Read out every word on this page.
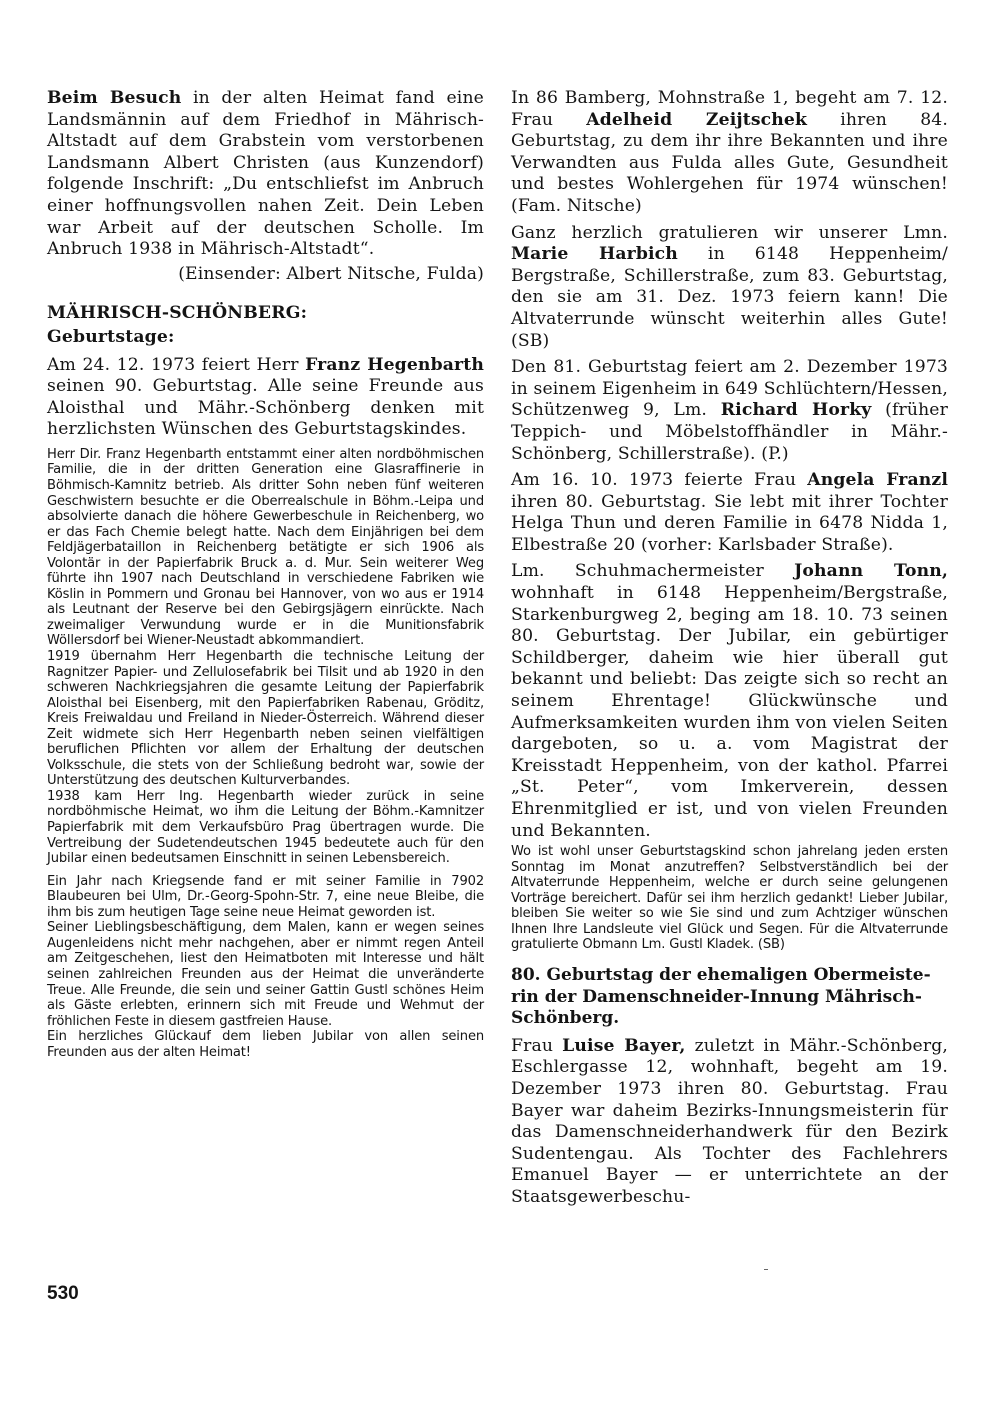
Beim Besuch in der alten Heimat fand eine Landsmännin auf dem Friedhof in Mährisch-Altstadt auf dem Grabstein vom verstorbenen Landsmann Albert Christen (aus Kunzendorf) folgende Inschrift: „Du entschliefst im Anbruch einer hoffnungsvollen nahen Zeit. Dein Leben war Arbeit auf der deutschen Scholle. Im Anbruch 1938 in Mährisch-Altstadt“.

(Einsender: Albert Nitsche, Fulda)

MÄHRISCH-SCHÖNBERG:
Geburtstage:

Am 24. 12. 1973 feiert Herr Franz Hegenbarth seinen 90. Geburtstag. Alle seine Freunde aus Aloisthal und Mähr.-Schönberg denken mit herzlichsten Wünschen des Geburtstagskindes.

Herr Dir. Franz Hegenbarth entstammt einer alten nordböhmischen Familie, die in der dritten Generation eine Glasraffinerie in Böhmisch-Kamnitz betrieb. Als dritter Sohn neben fünf weiteren Geschwistern besuchte er die Oberrealschule in Böhm.-Leipa und absolvierte danach die höhere Gewerbeschule in Reichenberg, wo er das Fach Chemie belegt hatte. Nach dem Einjährigen bei dem Feldjägerbataillon in Reichenberg betätigte er sich 1906 als Volontär in der Papierfabrik Bruck a. d. Mur. Sein weiterer Weg führte ihn 1907 nach Deutschland in verschiedene Fabriken wie Köslin in Pommern und Gronau bei Hannover, von wo aus er 1914 als Leutnant der Reserve bei den Gebirgsjägern einrückte. Nach zweimaliger Verwundung wurde er in die Munitionsfabrik Wöllersdorf bei Wiener-Neustadt abkommandiert.

1919 übernahm Herr Hegenbarth die technische Leitung der Ragnitzer Papier- und Zellulosefabrik bei Tilsit und ab 1920 in den schweren Nachkriegsjahren die gesamte Leitung der Papierfabrik Aloisthal bei Eisenberg, mit den Papierfabriken Rabenau, Gröditz, Kreis Freiwaldau und Freiland in Nieder-Österreich. Während dieser Zeit widmete sich Herr Hegenbarth neben seinen vielfältigen beruflichen Pflichten vor allem der Erhaltung der deutschen Volksschule, die stets von der Schließung bedroht war, sowie der Unterstützung des deutschen Kulturverbandes.

1938 kam Herr Ing. Hegenbarth wieder zurück in seine nordböhmische Heimat, wo ihm die Leitung der Böhm.-Kamnitzer Papierfabrik mit dem Verkaufsbüro Prag übertragen wurde. Die Vertreibung der Sudetendeutschen 1945 bedeutete auch für den Jubilar einen bedeutsamen Einschnitt in seinen Lebensbereich.

Ein Jahr nach Kriegsende fand er mit seiner Familie in 7902 Blaubeuren bei Ulm, Dr.-Georg-Spohn-Str. 7, eine neue Bleibe, die ihm bis zum heutigen Tage seine neue Heimat geworden ist.

Seiner Lieblingsbeschäftigung, dem Malen, kann er wegen seines Augenleidens nicht mehr nachgehen, aber er nimmt regen Anteil am Zeitgeschehen, liest den Heimatboten mit Interesse und hält seinen zahlreichen Freunden aus der Heimat die unveränderte Treue. Alle Freunde, die sein und seiner Gattin Gustl schönes Heim als Gäste erlebten, erinnern sich mit Freude und Wehmut der fröhlichen Feste in diesem gastfreien Hause.

Ein herzliches Glückauf dem lieben Jubilar von allen seinen Freunden aus der alten Heimat!

In 86 Bamberg, Mohnstraße 1, begeht am 7. 12. Frau Adelheid Zeijtschek ihren 84. Geburtstag, zu dem ihr ihre Bekannten und ihre Verwandten aus Fulda alles Gute, Gesundheit und bestes Wohlergehen für 1974 wünschen! (Fam. Nitsche)

Ganz herzlich gratulieren wir unserer Lmn. Marie Harbich in 6148 Heppenheim/ Bergstraße, Schillerstraße, zum 83. Geburtstag, den sie am 31. Dez. 1973 feiern kann! Die Altvaterrunde wünscht weiterhin alles Gute! (SB)

Den 81. Geburtstag feiert am 2. Dezember 1973 in seinem Eigenheim in 649 Schlüchtern/Hessen, Schützenweg 9, Lm. Richard Horky (früher Teppich- und Möbelstoffhändler in Mähr.-Schönberg, Schillerstraße). (P.)

Am 16. 10. 1973 feierte Frau Angela Franzl ihren 80. Geburtstag. Sie lebt mit ihrer Tochter Helga Thun und deren Familie in 6478 Nidda 1, Elbestraße 20 (vorher: Karlsbader Straße).

Lm. Schuhmachermeister Johann Tonn, wohnhaft in 6148 Heppenheim/Bergstraße, Starkenburgweg 2, beging am 18. 10. 73 seinen 80. Geburtstag. Der Jubilar, ein gebürtiger Schildberger, daheim wie hier überall gut bekannt und beliebt: Das zeigte sich so recht an seinem Ehrentage! Glückwünsche und Aufmerksamkeiten wurden ihm von vielen Seiten dargeboten, so u. a. vom Magistrat der Kreisstadt Heppenheim, von der kathol. Pfarrei „St. Peter“, vom Imkerverein, dessen Ehrenmitglied er ist, und von vielen Freunden und Bekannten.

Wo ist wohl unser Geburtstagskind schon jahrelang jeden ersten Sonntag im Monat anzutreffen? Selbstverständlich bei der Altvaterrunde Heppenheim, welche er durch seine gelungenen Vorträge bereichert. Dafür sei ihm herzlich gedankt! Lieber Jubilar, bleiben Sie weiter so wie Sie sind und zum Achtziger wünschen Ihnen Ihre Landsleute viel Glück und Segen. Für die Altvaterrunde gratulierte Obmann Lm. Gustl Kladek. (SB)

80. Geburtstag der ehemaligen Obermeisterin der Damenschneider-Innung Mährisch-Schönberg.

Frau Luise Bayer, zuletzt in Mähr.-Schönberg, Eschlergasse 12, wohnhaft, begeht am 19. Dezember 1973 ihren 80. Geburtstag. Frau Bayer war daheim Bezirks-Innungsmeisterin für das Damenschneiderhandwerk für den Bezirk Sudentengau. Als Tochter des Fachlehrers Emanuel Bayer — er unterrichtete an der Staatsgewerbeschu-

530
